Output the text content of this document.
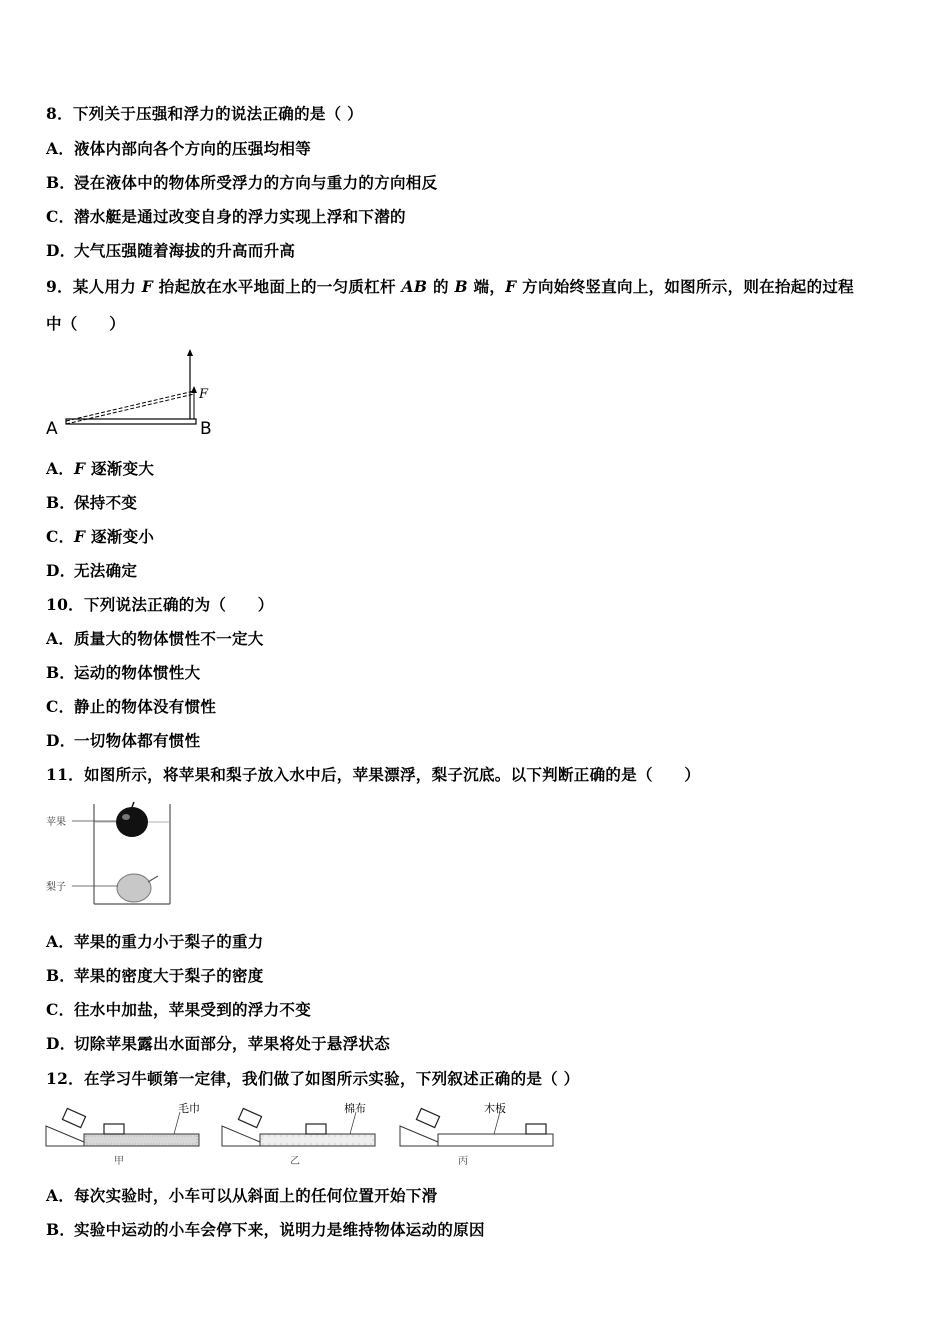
8．下列关于压强和浮力的说法正确的是（ ）
A．液体内部向各个方向的压强均相等
B．浸在液体中的物体所受浮力的方向与重力的方向相反
C．潜水艇是通过改变自身的浮力实现上浮和下潜的
D．大气压强随着海拔的升高而升高
9．某人用力 F 抬起放在水平地面上的一匀质杠杆 AB 的 B 端，F 方向始终竖直向上，如图所示，则在抬起的过程
中（　　）
A	B
F
A．F 逐渐变大
B．保持不变
C．F 逐渐变小
D．无法确定
10．下列说法正确的为（　　）
A．质量大的物体惯性不一定大
B．运动的物体惯性大
C．静止的物体没有惯性
D．一切物体都有惯性
11．如图所示，将苹果和梨子放入水中后，苹果漂浮，梨子沉底。以下判断正确的是（　　）
苹果
梨子
A．苹果的重力小于梨子的重力
B．苹果的密度大于梨子的密度
C．往水中加盐，苹果受到的浮力不变
D．切除苹果露出水面部分，苹果将处于悬浮状态
12．在学习牛顿第一定律，我们做了如图所示实验，下列叙述正确的是（ ）
毛巾
甲
棉布
乙
木板
丙
A．每次实验时，小车可以从斜面上的任何位置开始下滑
B．实验中运动的小车会停下来，说明力是维持物体运动的原因
